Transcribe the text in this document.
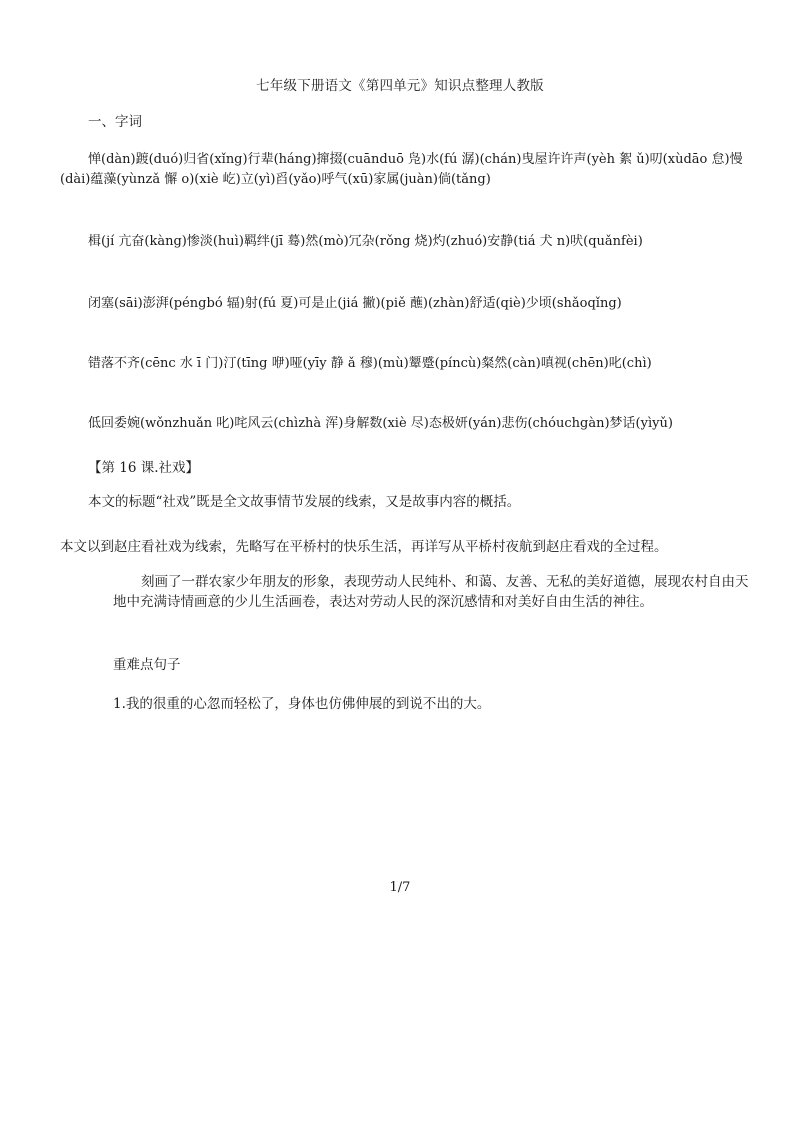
七年级下册语文《第四单元》知识点整理人教版
一、字词
惮(dàn)踱(duó)归省(xǐng)行辈(háng)撺掇(cuānduō 凫)水(fú 潺)(chán)曳屋许许声(yèh 絮 ǔ)叨(xùdāo 怠)慢(dài)蕴藻(yùnzǎ 懈 o)(xiè 屹)立(yì)舀(yǎo)呼气(xū)家属(juàn)倘(tǎng)
楫(jí 亢奋(kàng)惨淡(huì)羁绊(jī 蓦)然(mò)冗杂(rǒng 烧)灼(zhuó)安静(tiá 犬 n)吠(quǎnfèi)
闭塞(sāi)澎湃(péngbó 辐)射(fú 夏)可是止(jiá 撇)(piě 蘸)(zhàn)舒适(qiè)少顷(shǎoqǐng)
错落不齐(cēnc 水 ī 门)汀(tīng 咿)哑(yīy 静 ǎ 穆)(mù)颦蹙(píncù)粲然(càn)嗔视(chēn)叱(chì)
低回委婉(wǒnzhuǎn 叱)咤风云(chìzhà 浑)身解数(xiè 尽)态极妍(yán)悲伤(chóuchgàn)梦话(yìyǔ)
【第 16 课.社戏】
本文的标题“社戏”既是全文故事情节发展的线索，又是故事内容的概括。
本文以到赵庄看社戏为线索，先略写在平桥村的快乐生活，再详写从平桥村夜航到赵庄看戏的全过程。
刻画了一群农家少年朋友的形象，表现劳动人民纯朴、和蔼、友善、无私的美好道德，展现农村自由天地中充满诗情画意的少儿生活画卷，表达对劳动人民的深沉感情和对美好自由生活的神往。
重难点句子
1.我的很重的心忽而轻松了，身体也仿佛伸展的到说不出的大。
1/7
